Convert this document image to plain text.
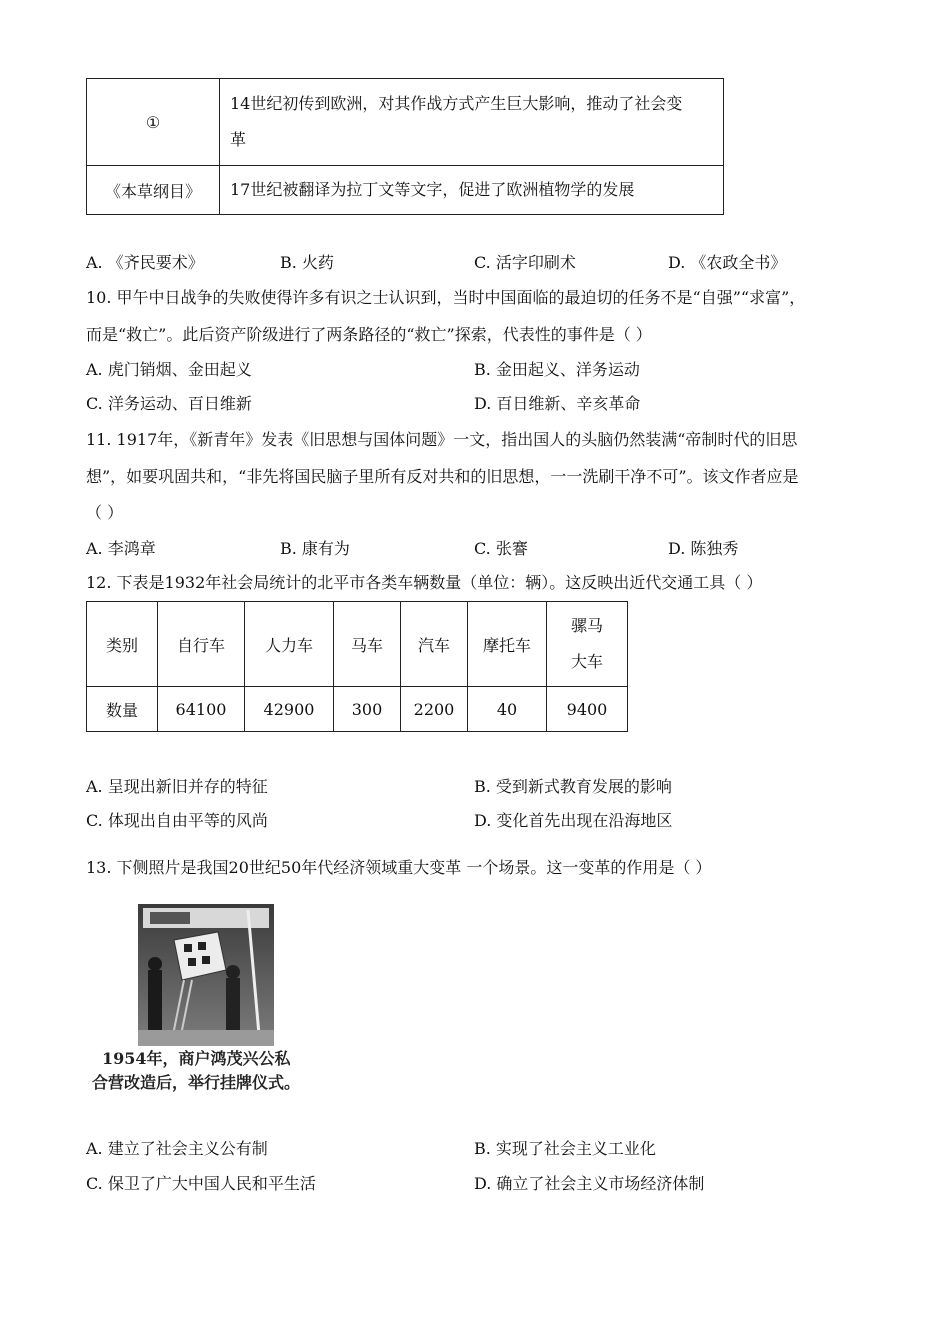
①	14世纪初传到欧洲，对其作战方式产生巨大影响，推动了社会变
革

《本草纲目》	17世纪被翻译为拉丁文等文字，促进了欧洲植物学的发展
A. 《齐民要术》	B. 火药	C. 活字印刷术	D. 《农政全书》
10. 甲午中日战争的失败使得许多有识之士认识到，当时中国面临的最迫切的任务不是“自强”“求富”，
而是“救亡”。此后资产阶级进行了两条路径的“救亡”探索，代表性的事件是（ ）
A. 虎门销烟、金田起义	B. 金田起义、洋务运动
C. 洋务运动、百日维新	D. 百日维新、辛亥革命
11. 1917年，《新青年》发表《旧思想与国体问题》一文，指出国人的头脑仍然装满“帝制时代的旧思
想”，如要巩固共和，“非先将国民脑子里所有反对共和的旧思想，一一洗刷干净不可”。该文作者应是
（ ）
A. 李鸿章	B. 康有为	C. 张謇	D. 陈独秀
12. 下表是1932年社会局统计的北平市各类车辆数量（单位：辆）。这反映出近代交通工具（ ）
类别	自行车	人力车	马车	汽车	摩托车	骡马大车

数量	64100	42900	300	2200	40	9400
A. 呈现出新旧并存的特征	B. 受到新式教育发展的影响
C. 体现出自由平等的风尚	D. 变化首先出现在沿海地区
13. 下侧照片是我国20世纪50年代经济领域重大变革 一个场景。这一变革的作用是（ ）
1954年，商户鸿茂兴公私
合营改造后，举行挂牌仪式。
A. 建立了社会主义公有制	B. 实现了社会主义工业化
C. 保卫了广大中国人民和平生活	D. 确立了社会主义市场经济体制
